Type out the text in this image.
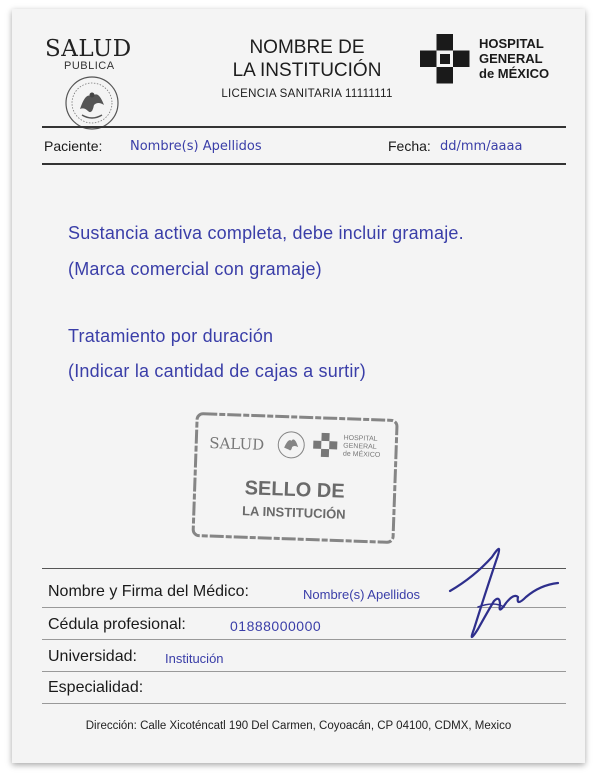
SALUD
PUBLICA
NOMBRE DE
LA INSTITUCIÓN
LICENCIA SANITARIA 11111111
HOSPITAL
GENERAL
de MÉXICO
Paciente: Nombre(s) Apellidos	Fecha: dd/mm/aaaa
Sustancia activa completa, debe incluir gramaje.
(Marca comercial con gramaje)
Tratamiento por duración
(Indicar la cantidad de cajas a surtir)
SALUD	HOSPITAL
GENERAL
de MÉXICO
SELLO DE
LA INSTITUCIÓN
Nombre y Firma del Médico:	Nombre(s) Apellidos
Cédula profesional:	01888000000
Universidad: Institución
Especialidad:
Dirección: Calle Xicoténcatl 190 Del Carmen, Coyoacán, CP 04100, CDMX, Mexico
